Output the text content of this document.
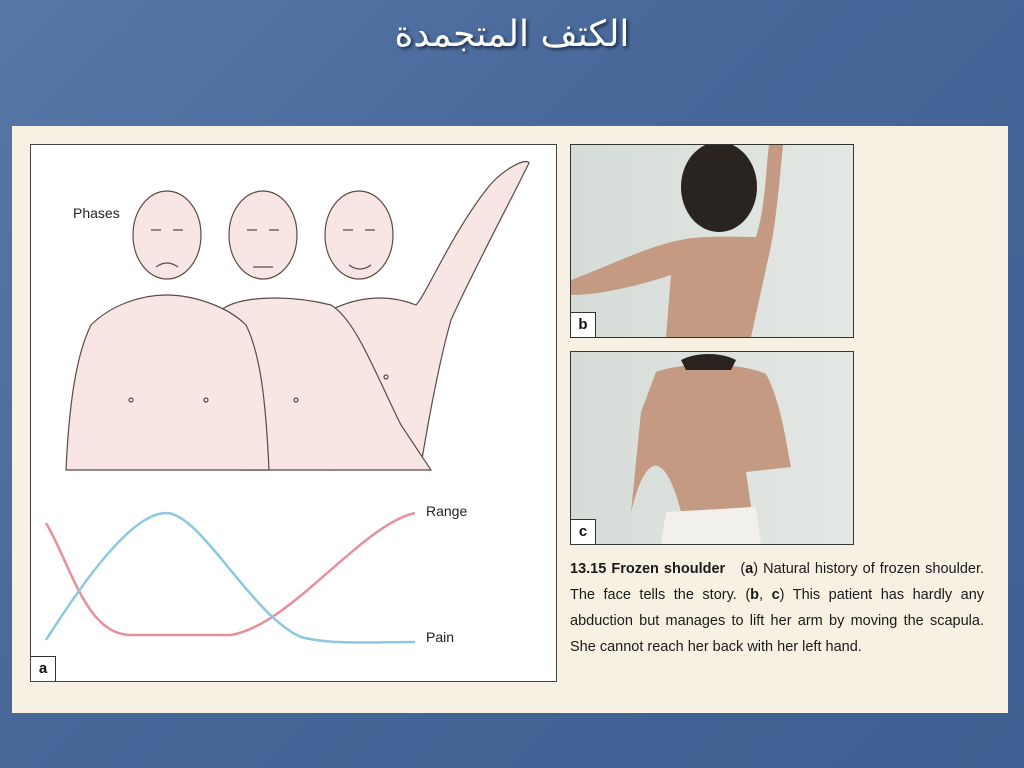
الكتف المتجمدة
Phases
Range
Pain
a
b
c
13.15 Frozen shoulder   (a) Natural history of frozen shoulder. The face tells the story. (b, c) This patient has hardly any abduction but manages to lift her arm by moving the scapula. She cannot reach her back with her left hand.
